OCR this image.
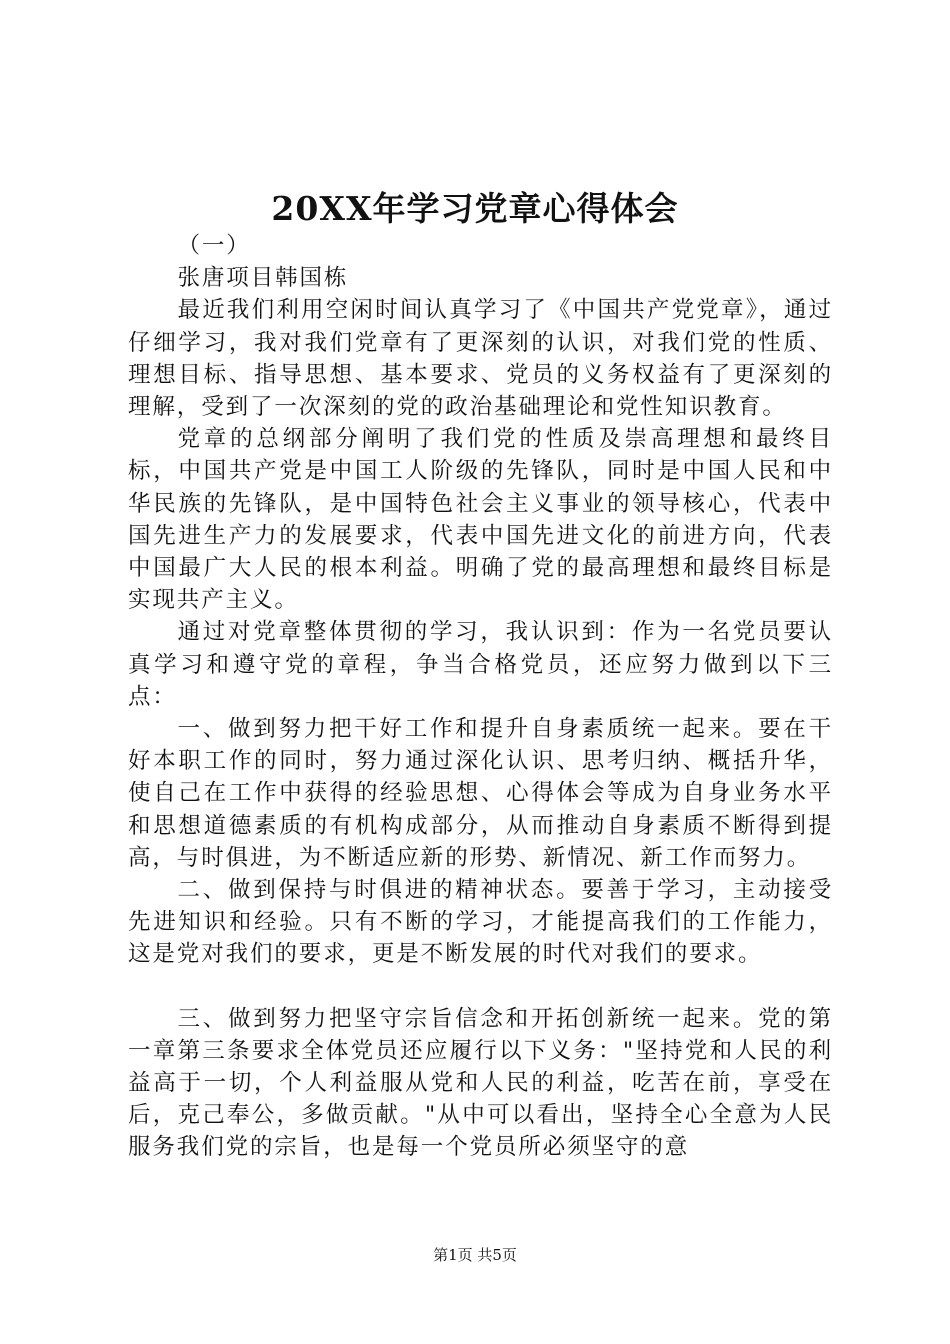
20XX年学习党章心得体会

（一）

张唐项目韩国栋

最近我们利用空闲时间认真学习了《中国共产党党章》，通过仔细学习，我对我们党章有了更深刻的认识，对我们党的性质、理想目标、指导思想、基本要求、党员的义务权益有了更深刻的理解，受到了一次深刻的党的政治基础理论和党性知识教育。

党章的总纲部分阐明了我们党的性质及崇高理想和最终目标，中国共产党是中国工人阶级的先锋队，同时是中国人民和中华民族的先锋队，是中国特色社会主义事业的领导核心，代表中国先进生产力的发展要求，代表中国先进文化的前进方向，代表中国最广大人民的根本利益。明确了党的最高理想和最终目标是实现共产主义。

通过对党章整体贯彻的学习，我认识到：作为一名党员要认真学习和遵守党的章程，争当合格党员，还应努力做到以下三点：

一、做到努力把干好工作和提升自身素质统一起来。要在干好本职工作的同时，努力通过深化认识、思考归纳、概括升华，使自己在工作中获得的经验思想、心得体会等成为自身业务水平和思想道德素质的有机构成部分，从而推动自身素质不断得到提高，与时俱进，为不断适应新的形势、新情况、新工作而努力。

二、做到保持与时俱进的精神状态。要善于学习，主动接受先进知识和经验。只有不断的学习，才能提高我们的工作能力，这是党对我们的要求，更是不断发展的时代对我们的要求。

三、做到努力把坚守宗旨信念和开拓创新统一起来。党的第一章第三条要求全体党员还应履行以下义务："坚持党和人民的利益高于一切，个人利益服从党和人民的利益，吃苦在前，享受在后，克己奉公，多做贡献。"从中可以看出，坚持全心全意为人民服务我们党的宗旨，也是每一个党员所必须坚守的意

第1页 共5页
